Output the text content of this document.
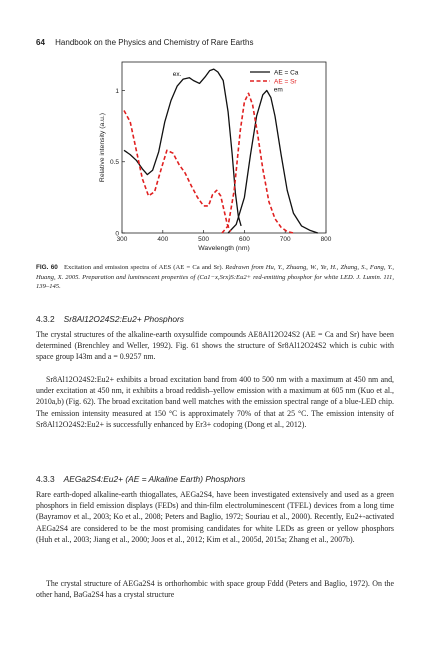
64 Handbook on the Physics and Chemistry of Rare Earths
300	400	500	600	700	800
0
0.5
1
Wavelength (nm)
Relative intensity (a.u.)
AE = Ca
AE = Sr
ex.
em
FIG. 60 Excitation and emission spectra of AES (AE = Ca and Sr). Redrawn from Hu, Y., Zhuang, W., Ye, H., Zhang, S., Fang, Y., Huang, X. 2005. Preparation and luminescent properties of (Ca1−x,Srx)S:Eu2+ red-emitting phosphor for white LED. J. Lumin. 111, 139–145.
4.3.2 Sr8Al12O24S2:Eu2+ Phosphors
The crystal structures of the alkaline-earth oxysulfide compounds AE8Al12O24S2 (AE = Ca and Sr) have been determined (Brenchley and Weller, 1992). Fig. 61 shows the structure of Sr8Al12O24S2 which is cubic with space group I43m and a = 0.9257 nm.
Sr8Al12O24S2:Eu2+ exhibits a broad excitation band from 400 to 500 nm with a maximum at 450 nm and, under excitation at 450 nm, it exhibits a broad reddish–yellow emission with a maximum at 605 nm (Kuo et al., 2010a,b) (Fig. 62). The broad excitation band well matches with the emission spectral range of a blue-LED chip. The emission intensity measured at 150 °C is approximately 70% of that at 25 °C. The emission intensity of Sr8Al12O24S2:Eu2+ is successfully enhanced by Er3+ codoping (Dong et al., 2012).
4.3.3 AEGa2S4:Eu2+ (AE = Alkaline Earth) Phosphors
Rare earth-doped alkaline-earth thiogallates, AEGa2S4, have been investigated extensively and used as a green phosphors in field emission displays (FEDs) and thin-film electroluminescent (TFEL) devices from a long time (Bayramov et al., 2003; Ko et al., 2008; Peters and Baglio, 1972; Souriau et al., 2000). Recently, Eu2+-activated AEGa2S4 are considered to be the most promising candidates for white LEDs as green or yellow phosphors (Huh et al., 2003; Jiang et al., 2000; Joos et al., 2012; Kim et al., 2005d, 2015a; Zhang et al., 2007b).
The crystal structure of AEGa2S4 is orthorhombic with space group Fddd (Peters and Baglio, 1972). On the other hand, BaGa2S4 has a crystal structure
